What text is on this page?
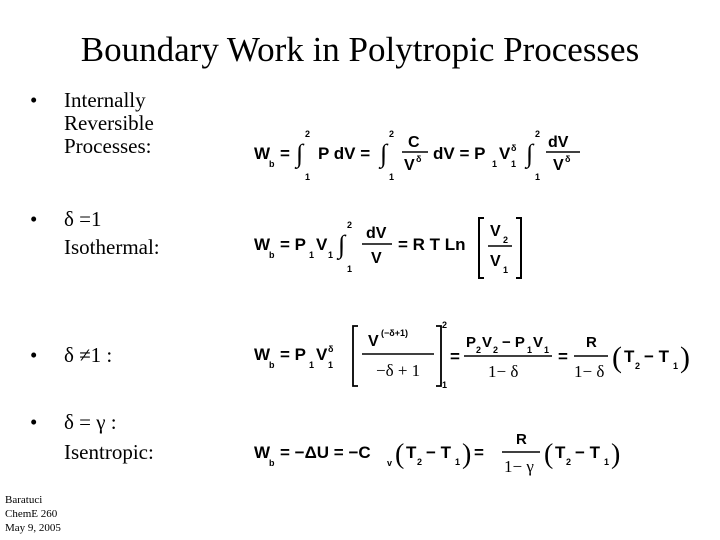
Boundary Work in Polytropic Processes
• Internally
Reversible
Processes:
• δ =1
Isothermal:
• δ ≠1 :
• δ = γ :
Isentropic:
W
b
= ∫
2
1
P dV = ∫
2
1
C
V δ dV = P
1
V δ
1 ∫
2
1
dV
V δ
W
b
= P
1
V
1 ∫
2
1
dV
V
= R T Ln
V 2
V 1
W
b
= P
1
V δ
1
V (−δ+1)
−δ + 1
2
1
=
P 2 V 2 − P 1 V 1
1− δ
=
R
1− δ ( T 2 − T 1 )
W
b
= −ΔU = −C
v ( T 2 − T 1 ) =
R
1− γ ( T 2 − T 1 )
Baratuci
ChemE 260
May 9, 2005
